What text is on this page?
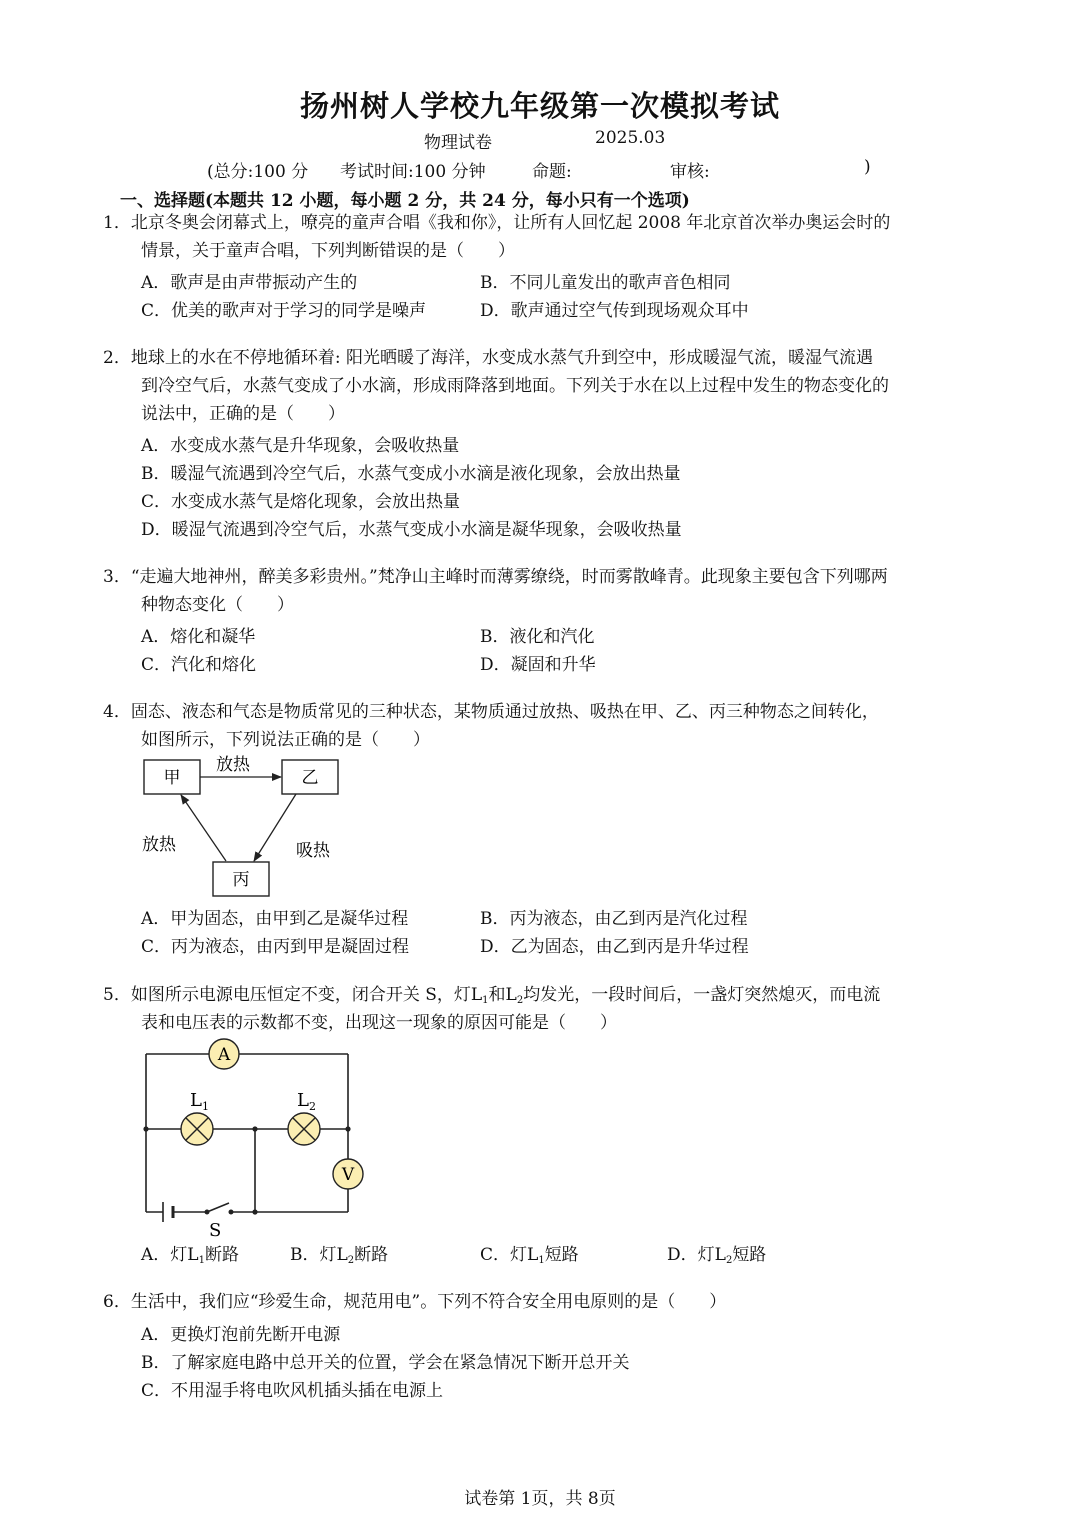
扬州树人学校九年级第一次模拟考试
物理试卷	2025.03
(总分:100 分 考试时间:100 分钟	命题:	审核:	)
一、选择题(本题共 12 小题，每小题 2 分，共 24 分，每小只有一个选项)
1．北京冬奥会闭幕式上，嘹亮的童声合唱《我和你》，让所有人回忆起 2008 年北京首次举办奥运会时的
情景，关于童声合唱，下列判断错误的是（　　）
A．歌声是由声带振动产生的	B．不同儿童发出的歌声音色相同
C．优美的歌声对于学习的同学是噪声	D．歌声通过空气传到现场观众耳中
2．地球上的水在不停地循环着: 阳光晒暖了海洋，水变成水蒸气升到空中，形成暖湿气流，暖湿气流遇
到冷空气后，水蒸气变成了小水滴，形成雨降落到地面。下列关于水在以上过程中发生的物态变化的
说法中，正确的是（　　）
A．水变成水蒸气是升华现象，会吸收热量
B．暖湿气流遇到冷空气后，水蒸气变成小水滴是液化现象，会放出热量
C．水变成水蒸气是熔化现象，会放出热量
D．暖湿气流遇到冷空气后，水蒸气变成小水滴是凝华现象，会吸收热量
3．“走遍大地神州，醉美多彩贵州。”梵净山主峰时而薄雾缭绕，时而雾散峰青。此现象主要包含下列哪两
种物态变化（　　）
A．熔化和凝华	B．液化和汽化
C．汽化和熔化	D．凝固和升华
4．固态、液态和气态是物质常见的三种状态，某物质通过放热、吸热在甲、乙、丙三种物态之间转化，
如图所示，下列说法正确的是（　　）
甲	乙
丙
放热
放热	吸热
A．甲为固态，由甲到乙是凝华过程	B．丙为液态，由乙到丙是汽化过程
C．丙为液态，由丙到甲是凝固过程	D．乙为固态，由乙到丙是升华过程
5．如图所示电源电压恒定不变，闭合开关 S，灯$L_1$和$L_2$均发光，一段时间后，一盏灯突然熄灭，而电流
表和电压表的示数都不变，出现这一现象的原因可能是（　　）
S
A
V
$L_1$	$L_2$
A．灯$L_1$断路	B．灯$L_2$断路	C．灯$L_1$短路	D．灯$L_2$短路
6．生活中，我们应“珍爱生命，规范用电”。下列不符合安全用电原则的是（　　）
A．更换灯泡前先断开电源
B．了解家庭电路中总开关的位置，学会在紧急情况下断开总开关
C．不用湿手将电吹风机插头插在电源上
试卷第 1页，共 8页
